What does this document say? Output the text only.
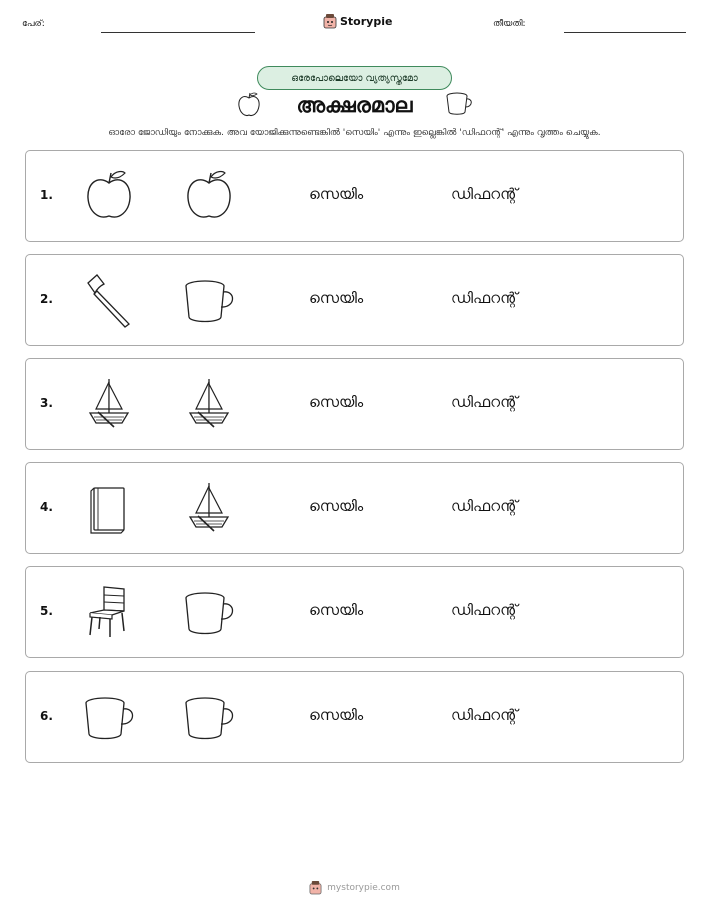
പേര്:	Storypie	തീയതി:
ഒരേപോലെയോ വ്യത്യസ്തമോ
അക്ഷരമാല
ഓരോ ജോഡിയും നോക്കുക. അവ യോജിക്കുന്നുണ്ടെങ്കിൽ 'സെയിം' എന്നും ഇല്ലെങ്കിൽ 'ഡിഫറന്റ്' എന്നും വൃത്തം ചെയ്യുക.
1.	സെയിം	ഡിഫറന്റ്
2.	സെയിം	ഡിഫറന്റ്
3.	സെയിം	ഡിഫറന്റ്
4.	സെയിം	ഡിഫറന്റ്
5.	സെയിം	ഡിഫറന്റ്
6.	സെയിം	ഡിഫറന്റ്
mystorypie.com
